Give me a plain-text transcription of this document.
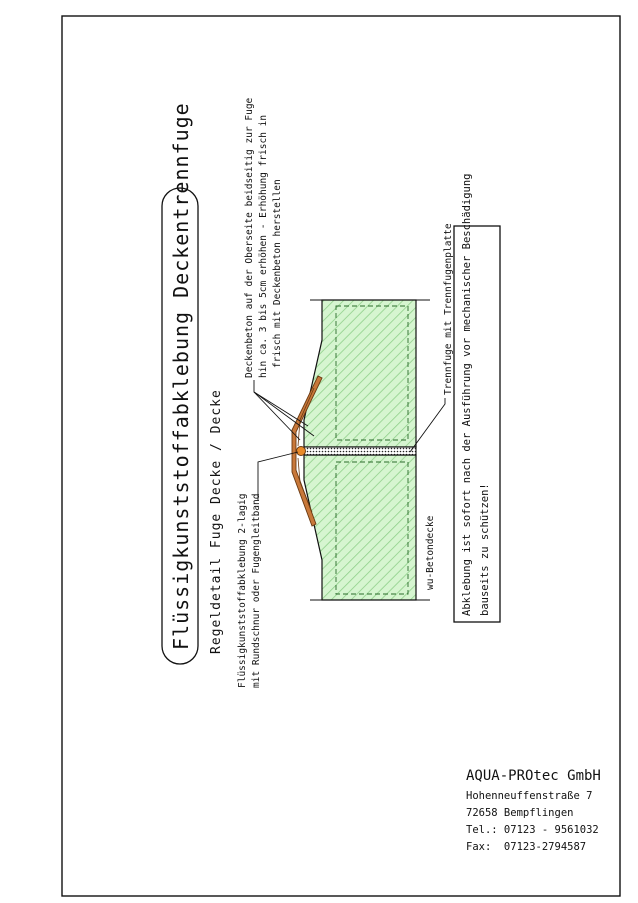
Flüssigkunststoffabklebung Deckentrennfuge Regeldetail Fuge Decke / Decke Flüssigkunststoffabklebung 2-lagig mit Rundschnur oder Fugengleitband
Deckenbeton auf der Oberseite beidseitig zur Fuge hin ca. 3 bis 5cm erhöhen - Erhöhung frisch in frisch mit Deckenbeton herstellen	Trennfuge mit Trennfugenplatte
wu-Betondecke Abklebung ist sofort nach der Ausführung vor mechanischer Beschädigung bauseits zu schützen!
AQUA-PROtec GmbH
Hohenneuffenstraße 7
72658 Bempflingen
Tel.: 07123 - 9561032
Fax:  07123-2794587
